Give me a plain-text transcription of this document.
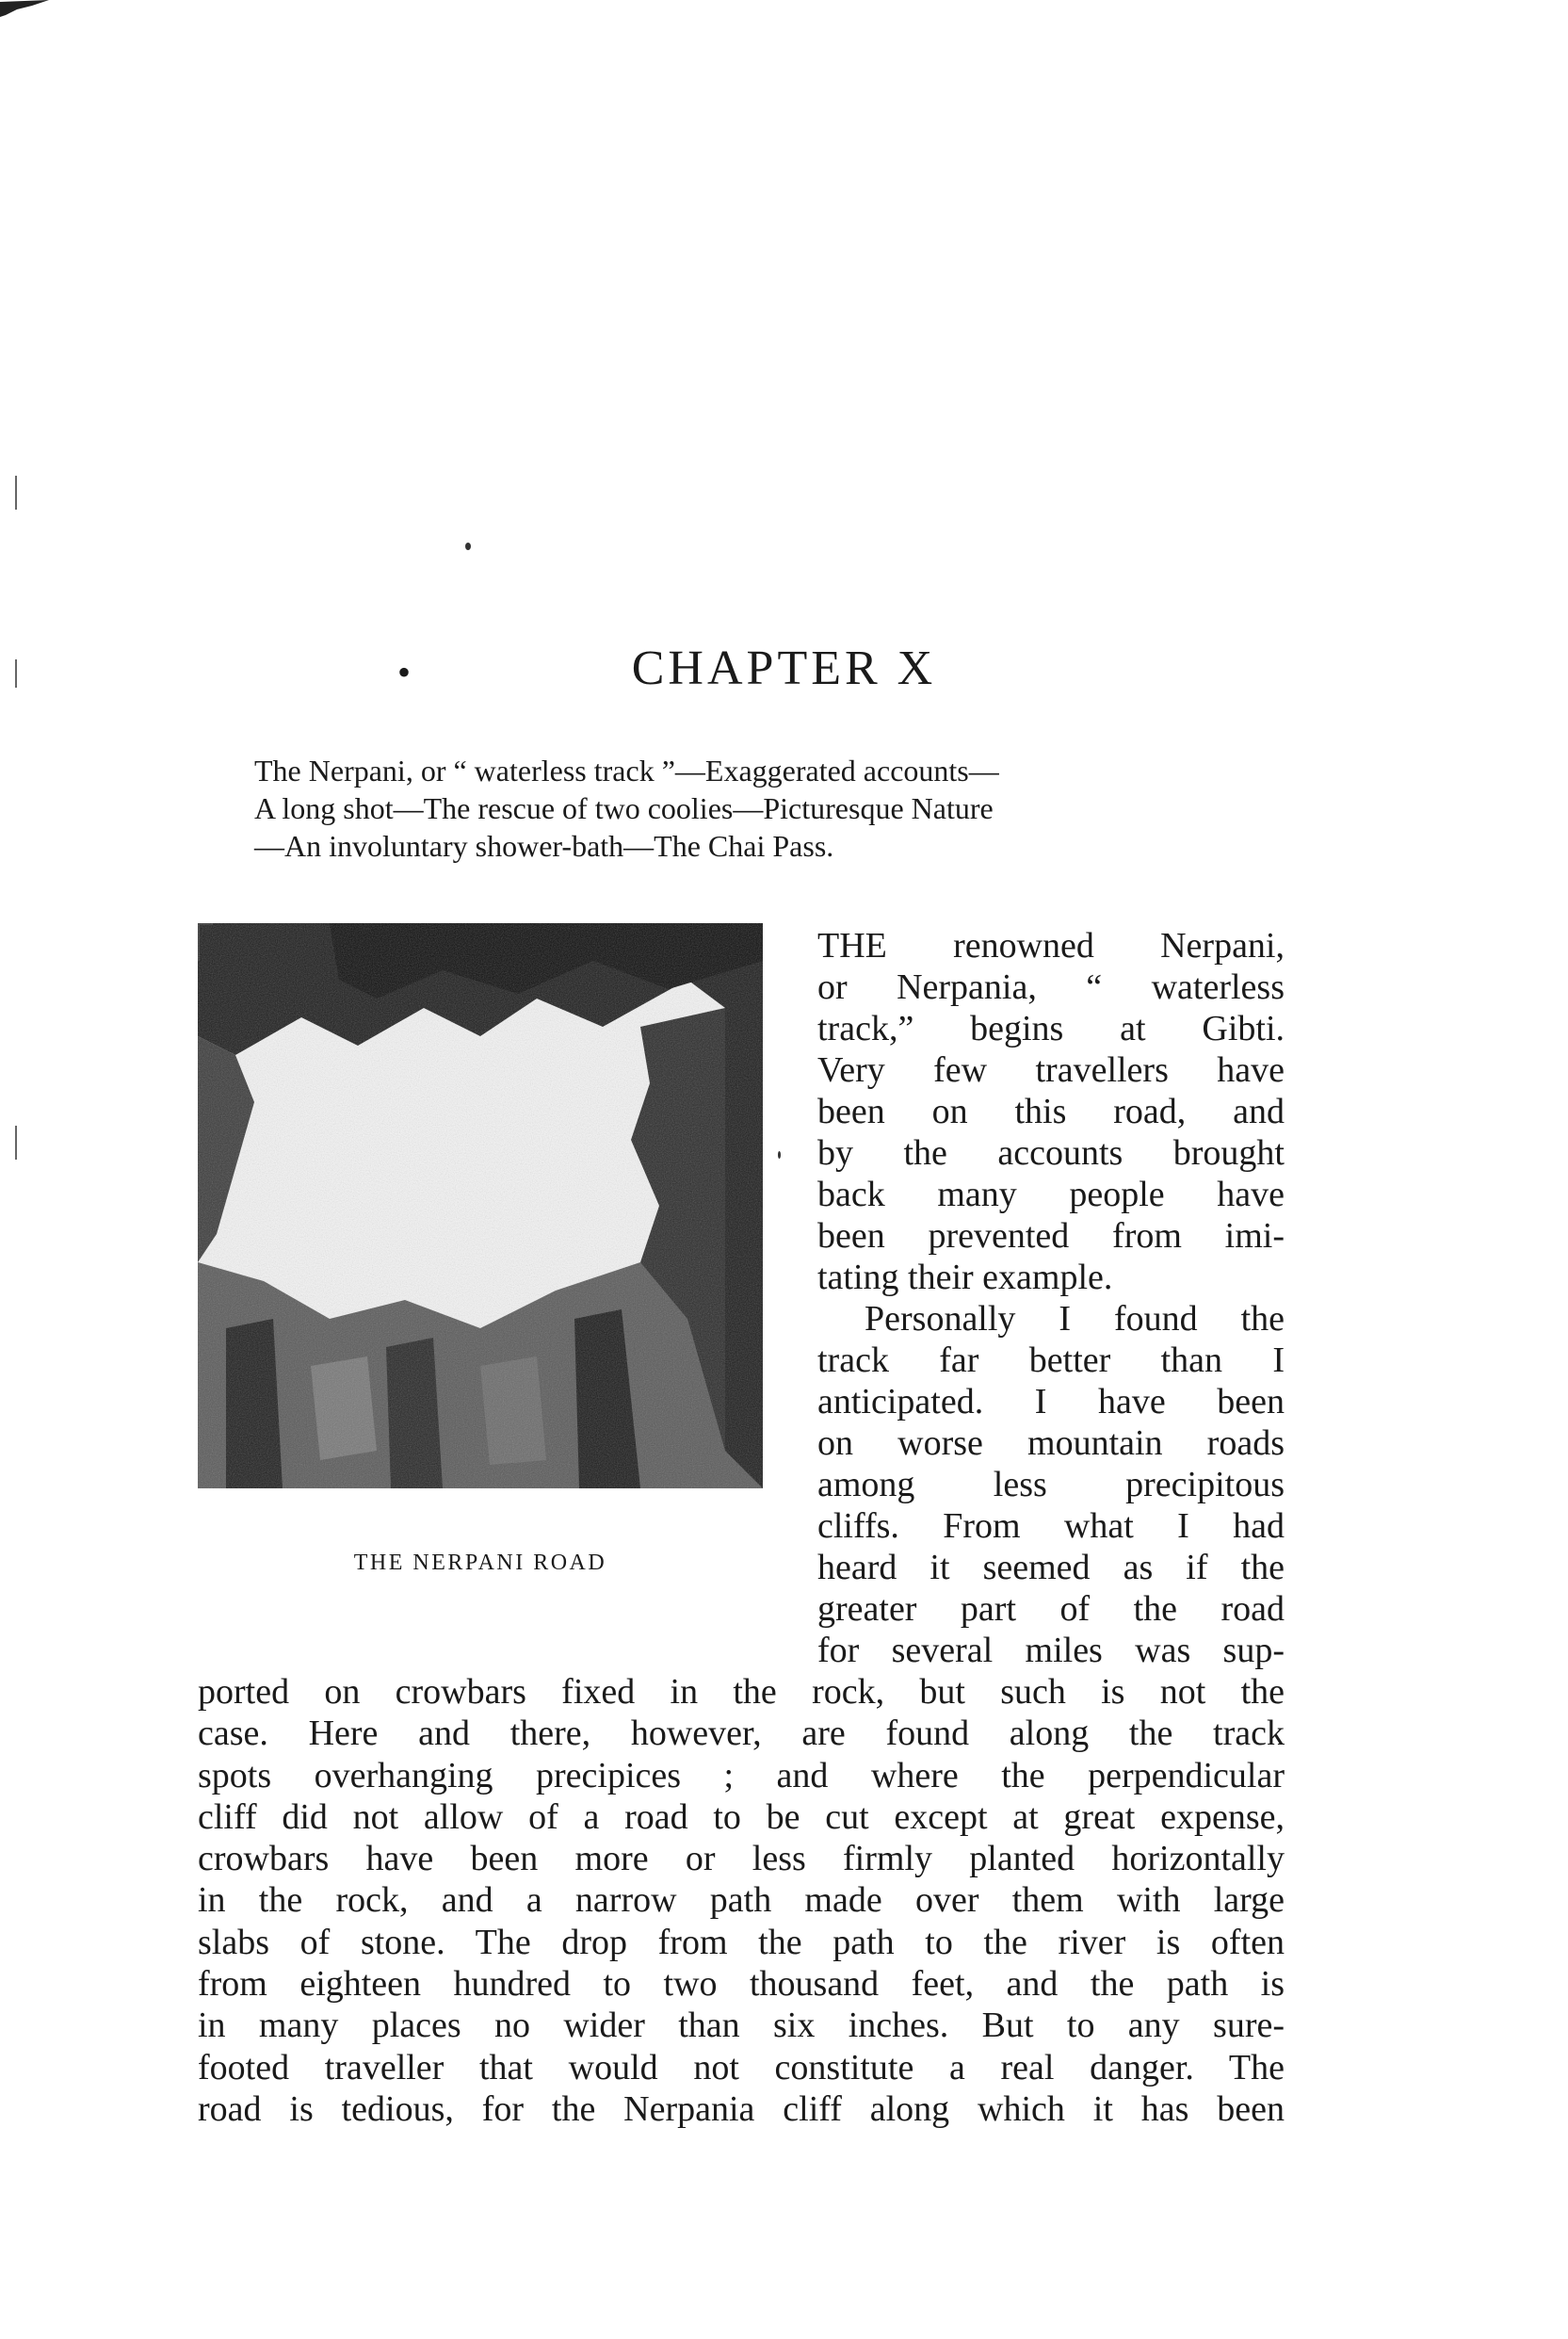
•	CHAPTER X
The Nerpani, or “ waterless track ”—Exaggerated accounts—
A long shot—The rescue of two coolies—Picturesque Nature
—An involuntary shower-bath—The Chai Pass.
THE NERPANI ROAD
THE renowned Nerpani,
or Nerpania, “ waterless
track,” begins at Gibti.
Very few travellers have
been on this road, and
by the accounts brought
back many people have
been prevented from imi-
tating their example.
Personally I found the
track far better than I
anticipated. I have been
on worse mountain roads
among less precipitous
cliffs. From what I had
heard it seemed as if the
greater part of the road
for several miles was sup-
ported on crowbars fixed in the rock, but such is not the
case. Here and there, however, are found along the track
spots overhanging precipices ; and where the perpendicular
cliff did not allow of a road to be cut except at great expense,
crowbars have been more or less firmly planted horizontally
in the rock, and a narrow path made over them with large
slabs of stone. The drop from the path to the river is often
from eighteen hundred to two thousand feet, and the path is
in many places no wider than six inches. But to any sure-
footed traveller that would not constitute a real danger. The
road is tedious, for the Nerpania cliff along which it has been
